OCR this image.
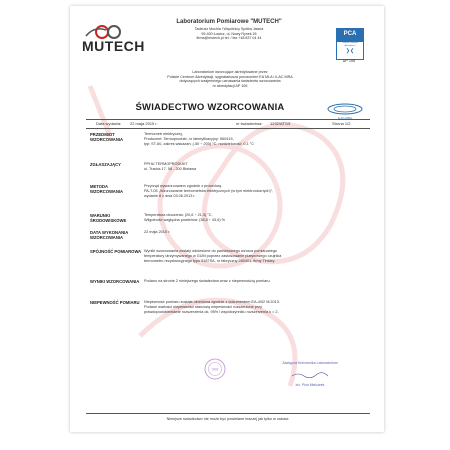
MUTECH
Laboratorium Pomiarowe "MUTECH"
Tadeusz Muchla i Wspólnicy Spółka Jawna
99-400 Łowicz, ul. Nowy Rynek 26
firma@mutech.pl tel. / fax +48 837 04 44
PCA
Polskie Centrum Akredytacji
❯❮
AP 106
ILAC-MRA
Laboratorium wzorcujące akredytowane przez
Polskie Centrum Akredytacji, sygnatariusza porozumień EA MLA i ILAC MRA
dotyczących wzajemnego uznawania świadectw wzorcowania
nr akredytacji AP 106
ŚWIADECTWO WZORCOWANIA
Data wydania: 22 maja 2015 r.	nr świadectwa: 1232/AT/15	Strona 1/2
PRZEDMIOT WZORCOWANIA

Termometr elektryczny,

Producent: Termoprodukt, nr identyfikacyjny: 560415,

typ: ST-60, zakres wskazań: (-50 ÷ 200) °C, rozdzielczość: 0,1 °C

ZGŁASZAJĄCY	PPHU TERMOPRODUKT

ul. Tracka 17, 58 - 200 Bielawa

METODA WZORCOWANIA

Przyrząd wywzorcowano zgodnie z procedurą

PA-T-05 „Wzorcowanie termometrów elektrycznych (w tym elektronicznych)”,

wydanie 8 z dnia 03.06.2013 r.

WARUNKI ŚRODOWISKOWE

Temperatura otoczenia: (20,6 ÷ 21,3) °C,

Wilgotność względna powietrza: (38,8 ÷ 43,6) %

DATA WYKONANIA WZORCOWANIA

22 maja 2015 r.

SPÓJNOŚĆ POMIAROWA Wyniki wzorcowania zostały odniesione do państwowego wzorca pomiarowego

temperatury utrzymywanego w GUM poprzez zastosowanie platynowego czujnika

termometru rezystancyjnego typu 5187SA, nr fabryczny 280401, firmy Tinsley.

WYNIKI WZORCOWANIA	Podano na stronie 2 niniejszego świadectwa wraz z niepewnością pomiaru.

NIEPEWNOŚĆ POMIARU	Niepewność pomiaru została określona zgodnie z dokumentem EA-4/02 M:2013.

Podane wartości niepewności stanowią niepewności rozszerzone przy

prawdopodobieństwie rozszerzenia ok. 95% i współczynniku rozszerzenia k = 2.

308
Zastępca Kierownika Laboratorium
inż. Piotr Mielcarek
Niniejsze świadectwo nie może być powielane inaczej jak tylko w całości.
